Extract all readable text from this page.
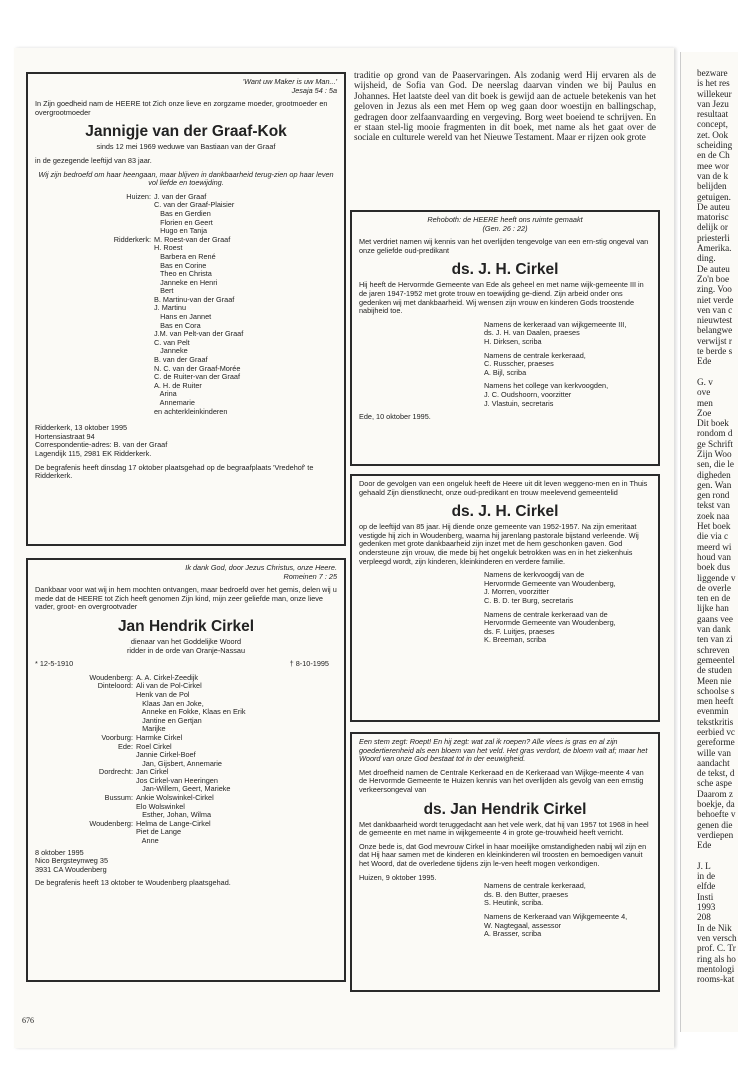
'Want uw Maker is uw Man...'
Jesaja 54 : 5a
In Zijn goedheid nam de HEERE tot Zich onze lieve en zorgzame moeder, grootmoeder en overgrootmoeder
Jannigje van der Graaf-Kok
sinds 12 mei 1969 weduwe van Bastiaan van der Graaf
in de gezegende leeftijd van 83 jaar.
Wij zijn bedroefd om haar heengaan, maar blijven in dankbaarheid terug-zien op haar leven vol liefde en toewijding.
Huizen: J. van der Graaf
C. van der Graaf-Plaisier
Bas en Gerdien
Florien en Geert
Hugo en Tanja
Ridderkerk: M. Roest-van der Graaf
H. Roest
Barbera en René
Bas en Corine
Theo en Christa
Janneke en Henri
Bert
B. Martinu-van der Graaf
J. Martinu
Hans en Jannet
Bas en Cora
J.M. van Pelt-van der Graaf
C. van Pelt
Janneke
B. van der Graaf
N. C. van der Graaf-Morée
C. de Ruiter-van der Graaf
A. H. de Ruiter
Arina
Annemarie
en achterkleinkinderen
Ridderkerk, 13 oktober 1995
Hortensiastraat 94
Correspondentie-adres: B. van der Graaf
Lagendijk 115, 2981 EK Ridderkerk.
De begrafenis heeft dinsdag 17 oktober plaatsgehad op de begraafplaats 'Vredehof' te Ridderkerk.
Ik dank God, door Jezus Christus, onze Heere.
Romeinen 7 : 25
Dankbaar voor wat wij in hem mochten ontvangen, maar bedroefd over het gemis, delen wij u mede dat de HEERE tot Zich heeft genomen Zijn kind, mijn zeer geliefde man, onze lieve vader, groot- en overgrootvader
Jan Hendrik Cirkel
dienaar van het Goddelijke Woord
ridder in de orde van Oranje-Nassau
* 12-5-1910	† 8-10-1995
Woudenberg: A. A. Cirkel-Zeedijk
Dinteloord: Ali van de Pol-Cirkel
Henk van de Pol
Klaas Jan en Joke,
Anneke en Fokke, Klaas en Erik
Jantine en Gertjan
Marijke
Voorburg: Harmke Cirkel
Ede: Roel Cirkel
Jannie Cirkel-Boef
Jan, Gijsbert, Annemarie
Dordrecht: Jan Cirkel
Jos Cirkel-van Heeringen
Jan-Willem, Geert, Marieke
Bussum: Ankie Wolswinkel-Cirkel
Elo Wolswinkel
Esther, Johan, Wilma
Woudenberg: Helma de Lange-Cirkel
Piet de Lange
Anne
8 oktober 1995
Nico Bergsteynweg 35
3931 CA Woudenberg
De begrafenis heeft 13 oktober te Woudenberg plaatsgehad.
traditie op grond van de Paaservaringen. Als zodanig werd Hij ervaren als de wijsheid, de Sofia van God. De neerslag daarvan vinden we bij Paulus en Johannes. Het laatste deel van dit boek is gewijd aan de actuele betekenis van het geloven in Jezus als een met Hem op weg gaan door woestijn en ballingschap, gedragen door zelfaanvaarding en vergeving. Borg weet boeiend te schrijven. En er staan stel-lig mooie fragmenten in dit boek, met name als het gaat over de sociale en culturele wereld van het Nieuwe Testament. Maar er rijzen ook grote
Rehoboth: de HEERE heeft ons ruimte gemaakt
(Gen. 26 : 22)
Met verdriet namen wij kennis van het overlijden tengevolge van een ern-stig ongeval van onze geliefde oud-predikant
ds. J. H. Cirkel
Hij heeft de Hervormde Gemeente van Ede als geheel en met name wijk-gemeente III in de jaren 1947-1952 met grote trouw en toewijding ge-diend. Zijn arbeid onder ons gedenken wij met dankbaarheid. Wij wensen zijn vrouw en kinderen Gods troostende nabijheid toe.
Namens de kerkeraad van wijkgemeente III,
ds. J. H. van Daalen, praeses
H. Dirksen, scriba
Namens de centrale kerkeraad,
C. Russcher, praeses
A. Bijl, scriba
Namens het college van kerkvoogden,
J. C. Oudshoorn, voorzitter
J. Vlastuin, secretaris
Ede, 10 oktober 1995.
Door de gevolgen van een ongeluk heeft de Heere uit dit leven weggeno-men en in Thuis gehaald Zijn dienstknecht, onze oud-predikant en trouw meelevend gemeentelid
ds. J. H. Cirkel
op de leeftijd van 85 jaar. Hij diende onze gemeente van 1952-1957. Na zijn emeritaat vestigde hij zich in Woudenberg, waarna hij jarenlang pastorale bijstand verleende. Wij gedenken met grote dankbaarheid zijn inzet met de hem geschonken gaven. God ondersteune zijn vrouw, die mede bij het ongeluk betrokken was en in het ziekenhuis verpleegd wordt, zijn kinderen, kleinkinderen en verdere familie.
Namens de kerkvoogdij van de
Hervormde Gemeente van Woudenberg,
J. Morren, voorzitter
C. B. D. ter Burg, secretaris
Namens de centrale kerkeraad van de
Hervormde Gemeente van Woudenberg,
ds. F. Luitjes, praeses
K. Breeman, scriba
Een stem zegt: Roept! En hij zegt: wat zal ik roepen? Alle vlees is gras en al zijn goedertierenheid als een bloem van het veld. Het gras verdort, de bloem valt af; maar het Woord van onze God bestaat tot in der eeuwigheid.
Met droefheid namen de Centrale Kerkeraad en de Kerkeraad van Wijkge-meente 4 van de Hervormde Gemeente te Huizen kennis van het overlijden als gevolg van een ernstig verkeersongeval van
ds. Jan Hendrik Cirkel
Met dankbaarheid wordt teruggedacht aan het vele werk, dat hij van 1957 tot 1968 in heel de gemeente en met name in wijkgemeente 4 in grote ge-trouwheid heeft verricht.
Onze bede is, dat God mevrouw Cirkel in haar moeilijke omstandigheden nabij wil zijn en dat Hij haar samen met de kinderen en kleinkinderen wil troosten en bemoedigen vanuit het Woord, dat de overledene tijdens zijn le-ven heeft mogen verkondigen.
Huizen, 9 oktober 1995.
Namens de centrale kerkeraad,
ds. B. den Butter, praeses
S. Heutink, scriba.
Namens de Kerkeraad van Wijkgemeente 4,
W. Nagtegaal, assessor
A. Brasser, scriba
676
bezware
is het res
willekeur
van Jezu
resultaat
concept,
zet. Ook
scheiding
en de Ch
mee wor
van de k
belijden
getuigen.
De auteu
matorisc
delijk or
priesterli
Amerika.
ding.
De auteu
Zo'n boe
zing. Voo
niet verde
ven van c
nieuwtest
belangwe
verwijst r
te berde s
Ede

G. v
ove
men
Zoe
Dit boek
rondom d
ge Schrift
Zijn Woo
sen, die le
digheden
gen. Wan
gen rond
tekst van
zoek naa
Het boek
die via c
meerd wi
houd van
boek dus
liggende v
de overle
ten en de
lijke han
gaans vee
van dank
ten van zi
schreven
gemeentel
de studen
Meen nie
schoolse s
men heeft
evenmin
tekstkritis
eerbied vc
gereforme
wille van
aandacht
de tekst, d
sche aspe
Daarom z
boekje, da
behoefte v
genen die
verdiepen
Ede

J. L
in de
elfde
Insti
1993
208
In de Nik
ven versch
prof. C. Tr
ring als ho
mentologi
rooms-kat
